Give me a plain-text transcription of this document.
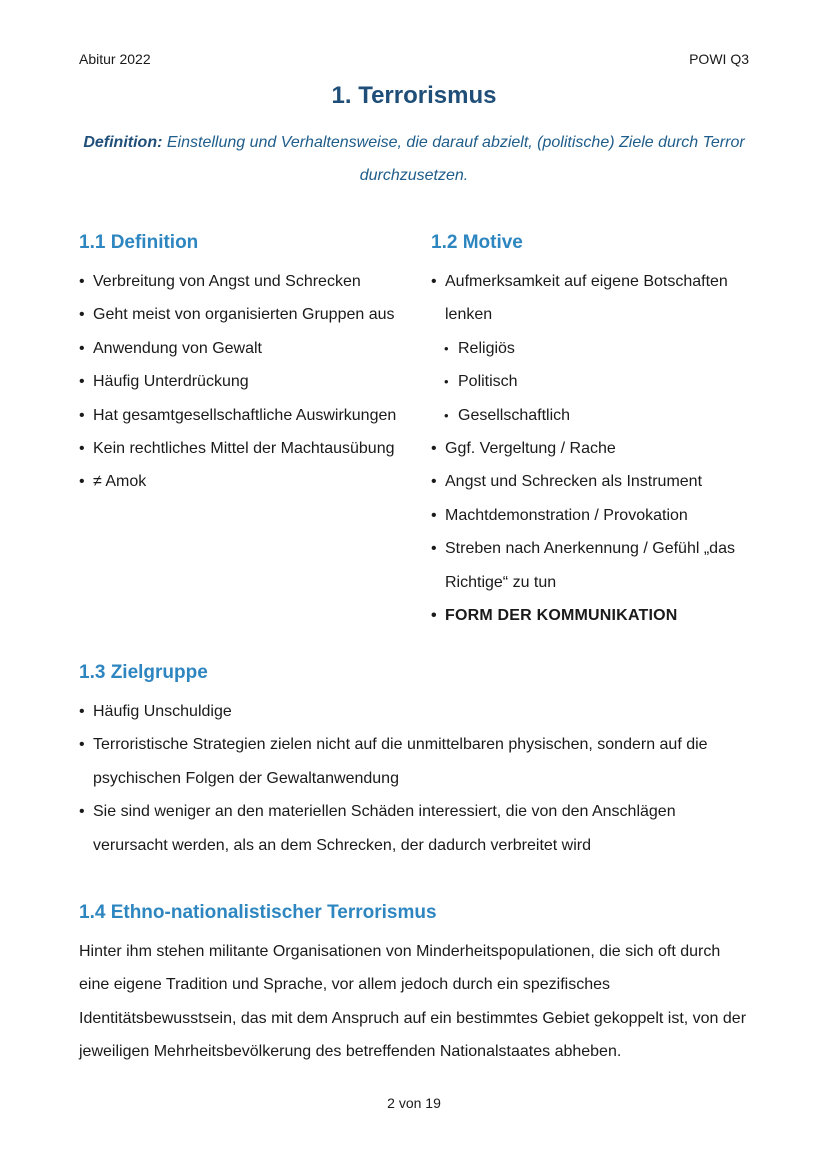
Abitur 2022	POWI Q3
1. Terrorismus
Definition: Einstellung und Verhaltensweise, die darauf abzielt, (politische) Ziele durch Terror durchzusetzen.
1.1 Definition
• Verbreitung von Angst und Schrecken
• Geht meist von organisierten Gruppen aus
• Anwendung von Gewalt
• Häufig Unterdrückung
• Hat gesamtgesellschaftliche Auswirkungen
• Kein rechtliches Mittel der Machtausübung
• ≠ Amok
1.2 Motive
• Aufmerksamkeit auf eigene Botschaften lenken
• Religiös
• Politisch
• Gesellschaftlich
• Ggf. Vergeltung / Rache
• Angst und Schrecken als Instrument
• Machtdemonstration / Provokation
• Streben nach Anerkennung / Gefühl „das Richtige“ zu tun
• FORM DER KOMMUNIKATION
1.3 Zielgruppe
• Häufig Unschuldige
• Terroristische Strategien zielen nicht auf die unmittelbaren physischen, sondern auf die psychischen Folgen der Gewaltanwendung
• Sie sind weniger an den materiellen Schäden interessiert, die von den Anschlägen verursacht werden, als an dem Schrecken, der dadurch verbreitet wird
1.4 Ethno-nationalistischer Terrorismus

Hinter ihm stehen militante Organisationen von Minderheitspopulationen, die sich oft durch eine eigene Tradition und Sprache, vor allem jedoch durch ein spezifisches Identitätsbewusstsein, das mit dem Anspruch auf ein bestimmtes Gebiet gekoppelt ist, von der jeweiligen Mehrheitsbevölkerung des betreffenden Nationalstaates abheben.

2 von 19
